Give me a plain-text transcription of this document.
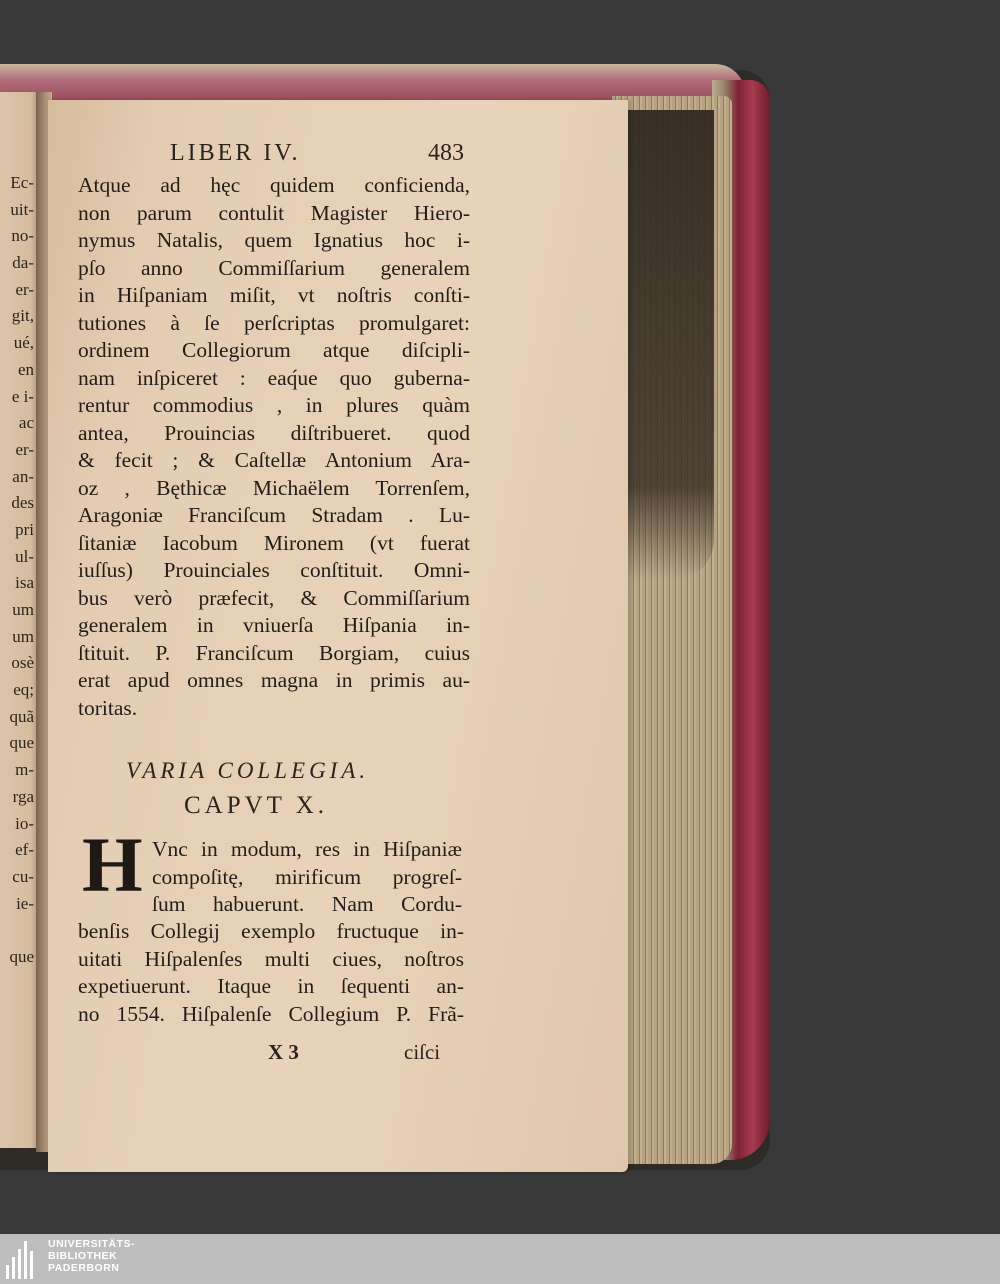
Ec-
uit-
no-
da-
er-
git,
ué,
en
e i-
ac
er-
an-
des
pri
ul-
isa
um
um
osè
eq;
quã
que
m-
rga
io-
ef-
cu-
ie-
que
LIBER IV.	483
Atque ad hęc quidem conficienda,
non parum contulit Magister Hiero-
nymus Natalis, quem Ignatius hoc i-
pſo anno Commiſſarium generalem
in Hiſpaniam miſit, vt noſtris conſti-
tutiones à ſe perſcriptas promulgaret:
ordinem Collegiorum atque diſcipli-
nam inſpiceret : eaq́ue quo guberna-
rentur commodius , in plures quàm
antea, Prouincias diſtribueret. quod
& fecit ; & Caſtellæ Antonium Ara-
oz , Bęthicæ Michaëlem Torrenſem,
Aragoniæ Franciſcum Stradam . Lu-
ſitaniæ Iacobum Mironem (vt fuerat
iuſſus) Prouinciales conſtituit. Omni-
bus verò præfecit, & Commiſſarium
generalem in vniuerſa Hiſpania in-
ſtituit. P. Franciſcum Borgiam, cuius
erat apud omnes magna in primis au-
toritas.
VARIA COLLEGIA.
CAPVT X.
H Vnc in modum, res in Hiſpaniæ
compoſitę, mirificum progreſ-
ſum habuerunt. Nam Cordu-
benſis Collegij exemplo fructuque in-
uitati Hiſpalenſes multi ciues, noſtros
expetiuerunt. Itaque in ſequenti an-
no 1554. Hiſpalenſe Collegium P. Frã-
X 3	ciſci
UNIVERSITÄTS-
BIBLIOTHEK
PADERBORN
